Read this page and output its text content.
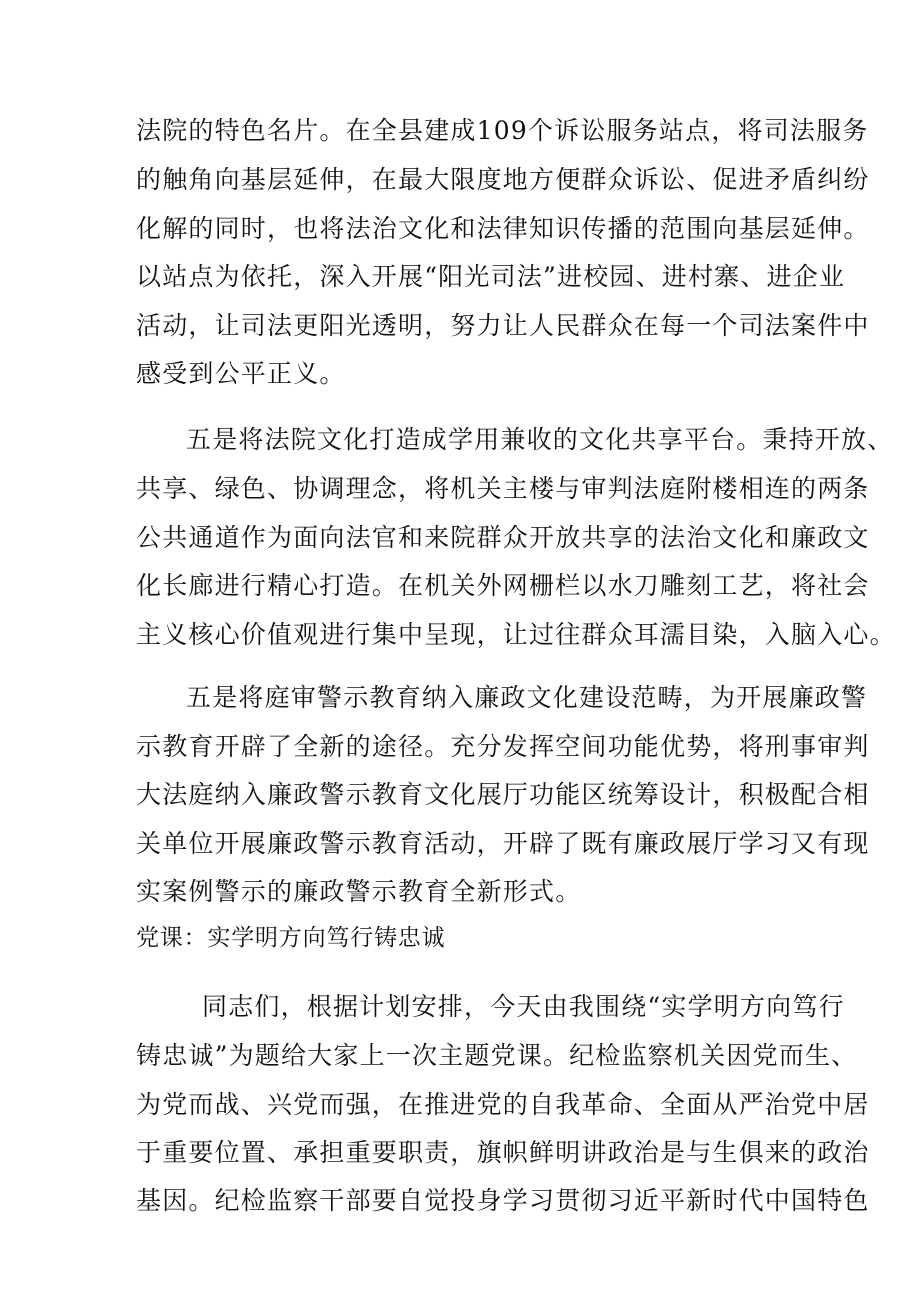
法院的特色名片。在全县建成109个诉讼服务站点，将司法服务
的触角向基层延伸，在最大限度地方便群众诉讼、促进矛盾纠纷
化解的同时，也将法治文化和法律知识传播的范围向基层延伸。
以站点为依托，深入开展“阳光司法”进校园、进村寨、进企业
活动，让司法更阳光透明，努力让人民群众在每一个司法案件中
感受到公平正义。
五是将法院文化打造成学用兼收的文化共享平台。秉持开放、
共享、绿色、协调理念，将机关主楼与审判法庭附楼相连的两条
公共通道作为面向法官和来院群众开放共享的法治文化和廉政文
化长廊进行精心打造。在机关外网栅栏以水刀雕刻工艺，将社会
主义核心价值观进行集中呈现，让过往群众耳濡目染，入脑入心。
五是将庭审警示教育纳入廉政文化建设范畴，为开展廉政警
示教育开辟了全新的途径。充分发挥空间功能优势，将刑事审判
大法庭纳入廉政警示教育文化展厅功能区统筹设计，积极配合相
关单位开展廉政警示教育活动，开辟了既有廉政展厅学习又有现
实案例警示的廉政警示教育全新形式。
党课：实学明方向笃行铸忠诚
同志们，根据计划安排，今天由我围绕“实学明方向笃行
铸忠诚”为题给大家上一次主题党课。纪检监察机关因党而生、
为党而战、兴党而强，在推进党的自我革命、全面从严治党中居
于重要位置、承担重要职责，旗帜鲜明讲政治是与生俱来的政治
基因。纪检监察干部要自觉投身学习贯彻习近平新时代中国特色
